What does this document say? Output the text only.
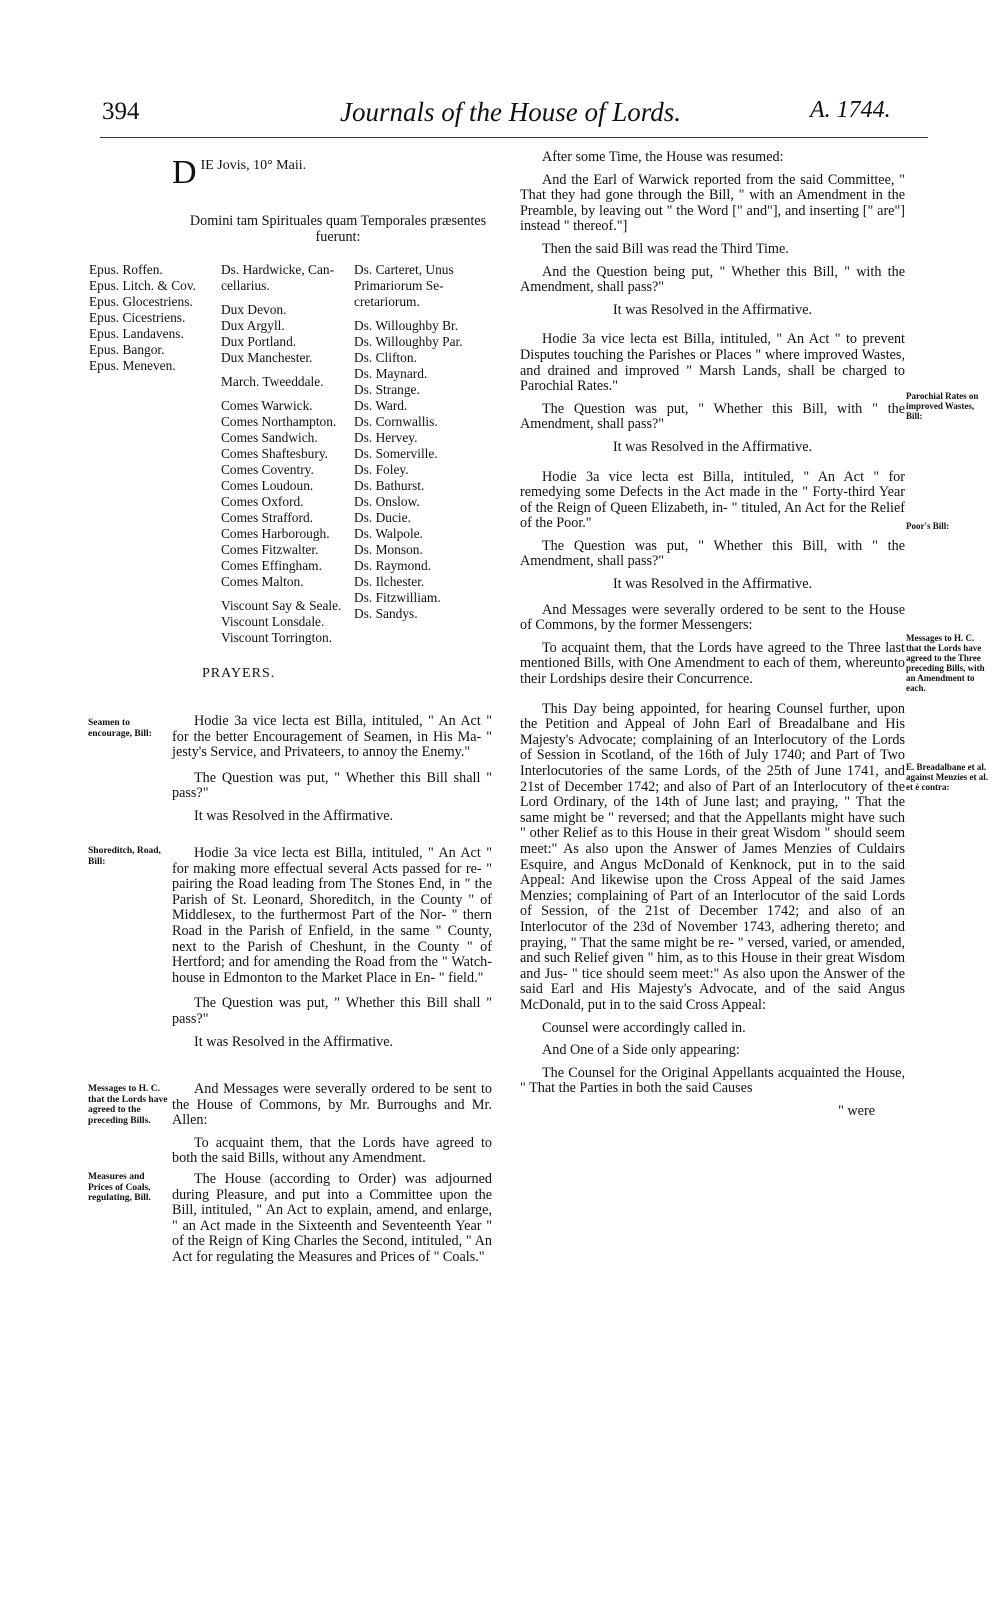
394	Journals of the House of Lords.	A. 1744.
D IE Jovis, 10° Maii.

Domini tam Spirituales quam Temporales præsentes fuerunt:

Epus. Roffen.
Epus. Litch. & Cov.
Epus. Glocestriens.
Epus. Cicestriens.
Epus. Landavens.
Epus. Bangor.
Epus. Meneven.
Ds. Hardwicke, Can-
cellarius.
Dux Devon.
Dux Argyll.
Dux Portland.
Dux Manchester.
March. Tweeddale.
Comes Warwick.
Comes Northampton.
Comes Sandwich.
Comes Shaftesbury.
Comes Coventry.
Comes Loudoun.
Comes Oxford.
Comes Strafford.
Comes Harborough.
Comes Fitzwalter.
Comes Effingham.
Comes Malton.
Viscount Say & Seale.
Viscount Lonsdale.
Viscount Torrington.
Ds. Carteret, Unus
Primariorum Se-
cretariorum.
Ds. Willoughby Br.
Ds. Willoughby Par.
Ds. Clifton.
Ds. Maynard.
Ds. Strange.
Ds. Ward.
Ds. Cornwallis.
Ds. Hervey.
Ds. Somerville.
Ds. Foley.
Ds. Bathurst.
Ds. Onslow.
Ds. Ducie.
Ds. Walpole.
Ds. Monson.
Ds. Raymond.
Ds. Ilchester.
Ds. Fitzwilliam.
Ds. Sandys.
PRAYERS.
Seamen to encourage, Bill:

Hodie 3a vice lecta est Billa, intituled, " An Act " for the better Encouragement of Seamen, in His Ma- " jesty's Service, and Privateers, to annoy the Enemy."

The Question was put, " Whether this Bill shall " pass?"

It was Resolved in the Affirmative.

Shoreditch, Road, Bill:

Hodie 3a vice lecta est Billa, intituled, " An Act " for making more effectual several Acts passed for re- " pairing the Road leading from The Stones End, in " the Parish of St. Leonard, Shoreditch, in the County " of Middlesex, to the furthermost Part of the Nor- " thern Road in the Parish of Enfield, in the same " County, next to the Parish of Cheshunt, in the County " of Hertford; and for amending the Road from the " Watch-house in Edmonton to the Market Place in En- " field."

The Question was put, " Whether this Bill shall " pass?"

It was Resolved in the Affirmative.

Messages to H. C. that the Lords have agreed to the preceding Bills.

And Messages were severally ordered to be sent to the House of Commons, by Mr. Burroughs and Mr. Allen:

To acquaint them, that the Lords have agreed to both the said Bills, without any Amendment.

Measures and Prices of Coals, regulating, Bill.

The House (according to Order) was adjourned during Pleasure, and put into a Committee upon the Bill, intituled, " An Act to explain, amend, and enlarge, " an Act made in the Sixteenth and Seventeenth Year " of the Reign of King Charles the Second, intituled, " An Act for regulating the Measures and Prices of " Coals."

After some Time, the House was resumed:

And the Earl of Warwick reported from the said Committee, " That they had gone through the Bill, " with an Amendment in the Preamble, by leaving out " the Word [" and"], and inserting [" are"] instead " thereof."]

Then the said Bill was read the Third Time.

And the Question being put, " Whether this Bill, " with the Amendment, shall pass?"

It was Resolved in the Affirmative.

Hodie 3a vice lecta est Billa, intituled, " An Act " to prevent Disputes touching the Parishes or Places " where improved Wastes, and drained and improved " Marsh Lands, shall be charged to Parochial Rates."

The Question was put, " Whether this Bill, with " the Amendment, shall pass?"

It was Resolved in the Affirmative.

Hodie 3a vice lecta est Billa, intituled, " An Act " for remedying some Defects in the Act made in the " Forty-third Year of the Reign of Queen Elizabeth, in- " tituled, An Act for the Relief of the Poor."

The Question was put, " Whether this Bill, with " the Amendment, shall pass?"

It was Resolved in the Affirmative.

And Messages were severally ordered to be sent to the House of Commons, by the former Messengers:

To acquaint them, that the Lords have agreed to the Three last mentioned Bills, with One Amendment to each of them, whereunto their Lordships desire their Concurrence.

This Day being appointed, for hearing Counsel further, upon the Petition and Appeal of John Earl of Breadalbane and His Majesty's Advocate; complaining of an Interlocutory of the Lords of Session in Scotland, of the 16th of July 1740; and Part of Two Interlocutories of the same Lords, of the 25th of June 1741, and 21st of December 1742; and also of Part of an Interlocutory of the Lord Ordinary, of the 14th of June last; and praying, " That the same might be " reversed; and that the Appellants might have such " other Relief as to this House in their great Wisdom " should seem meet:" As also upon the Answer of James Menzies of Culdairs Esquire, and Angus McDonald of Kenknock, put in to the said Appeal: And likewise upon the Cross Appeal of the said James Menzies; complaining of Part of an Interlocutor of the said Lords of Session, of the 21st of December 1742; and also of an Interlocutor of the 23d of November 1743, adhering thereto; and praying, " That the same might be re- " versed, varied, or amended, and such Relief given " him, as to this House in their great Wisdom and Jus- " tice should seem meet:" As also upon the Answer of the said Earl and His Majesty's Advocate, and of the said Angus McDonald, put in to the said Cross Appeal:

Counsel were accordingly called in.

And One of a Side only appearing:

The Counsel for the Original Appellants acquainted the House, " That the Parties in both the said Causes

" were

Parochial Rates on improved Wastes, Bill:
Poor's Bill:
Messages to H. C. that the Lords have agreed to the Three preceding Bills, with an Amendment to each.
E. Breadalbane et al. against Menzies et al. et è contra:
